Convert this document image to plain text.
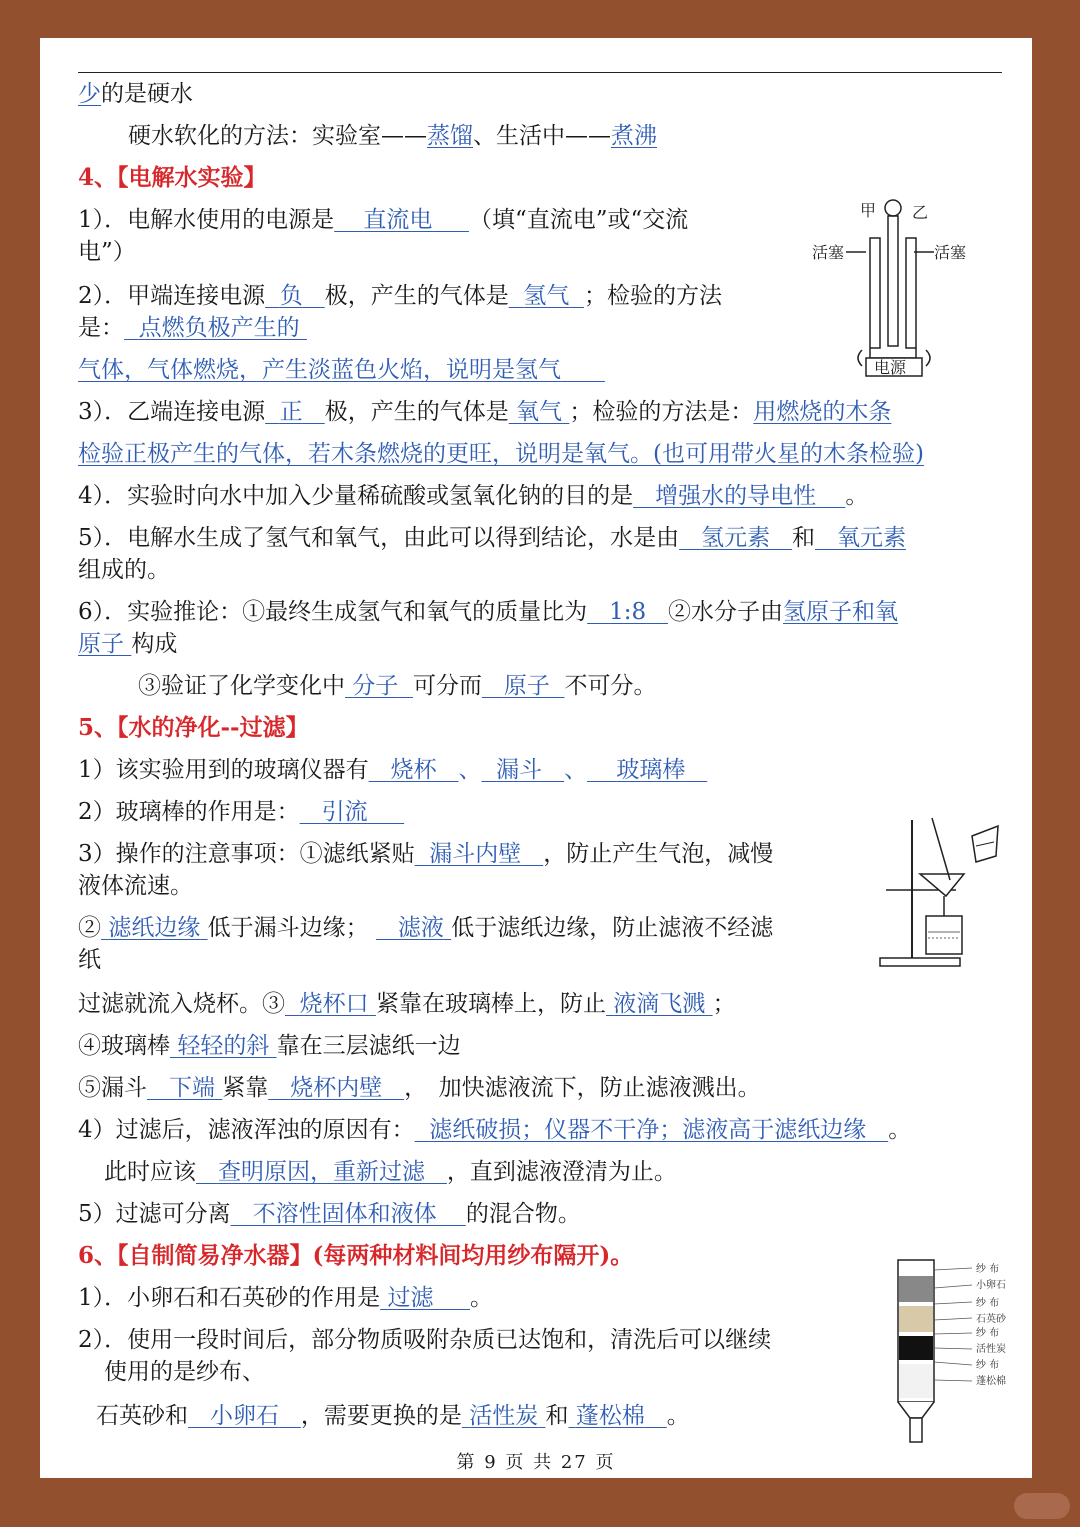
少的是硬水
硬水软化的方法：实验室——蒸馏、生活中——煮沸
4、【电解水实验】
1）．电解水使用的电源是 直流电 （填“直流电”或“交流
电”）
2）．甲端连接电源 负 极，产生的气体是 氢气 ；检验的方法
是： 点燃负极产生的
气体，气体燃烧，产生淡蓝色火焰，说明是氢气
3）．乙端连接电源 正 极，产生的气体是 氧气 ；检验的方法是：用燃烧的木条
检验正极产生的气体，若木条燃烧的更旺，说明是氧气。(也可用带火星的木条检验)
4）．实验时向水中加入少量稀硫酸或氢氧化钠的目的是 增强水的导电性 。
5）．电解水生成了氢气和氧气，由此可以得到结论，水是由 氢元素 和 氧元素
组成的。
6）．实验推论：①最终生成氢气和氧气的质量比为 1:8 ②水分子由氢原子和氧
原子 构成
③验证了化学变化中 分子 可分而 原子 不可分。
5、【水的净化--过滤】
1）该实验用到的玻璃仪器有 烧杯 、 漏斗 、 玻璃棒
2）玻璃棒的作用是： 引流
3）操作的注意事项：①滤纸紧贴 漏斗内壁 ，防止产生气泡，减慢
液体流速。
② 滤纸边缘 低于漏斗边缘； 滤液 低于滤纸边缘，防止滤液不经滤
纸
过滤就流入烧杯。③ 烧杯口 紧靠在玻璃棒上，防止 液滴飞溅 ；
④玻璃棒 轻轻的斜 靠在三层滤纸一边
⑤漏斗 下端 紧靠 烧杯内壁 ，　加快滤液流下，防止滤液溅出。
4）过滤后，滤液浑浊的原因有： 滤纸破损；仪器不干净；滤液高于滤纸边缘 。
此时应该 查明原因，重新过滤 ，直到滤液澄清为止。
5）过滤可分离 不溶性固体和液体 的混合物。
6、【自制简易净水器】(每两种材料间均用纱布隔开)。
1）．小卵石和石英砂的作用是 过滤 。
2）．使用一段时间后，部分物质吸附杂质已达饱和，清洗后可以继续
使用的是纱布、
石英砂和 小卵石 ，需要更换的是 活性炭 和 蓬松棉 。
甲 乙
活塞	活塞
电源
纱 布
小卵石
纱 布
石英砂
纱 布
活性炭
纱 布
蓬松棉
第 9 页 共 27 页
